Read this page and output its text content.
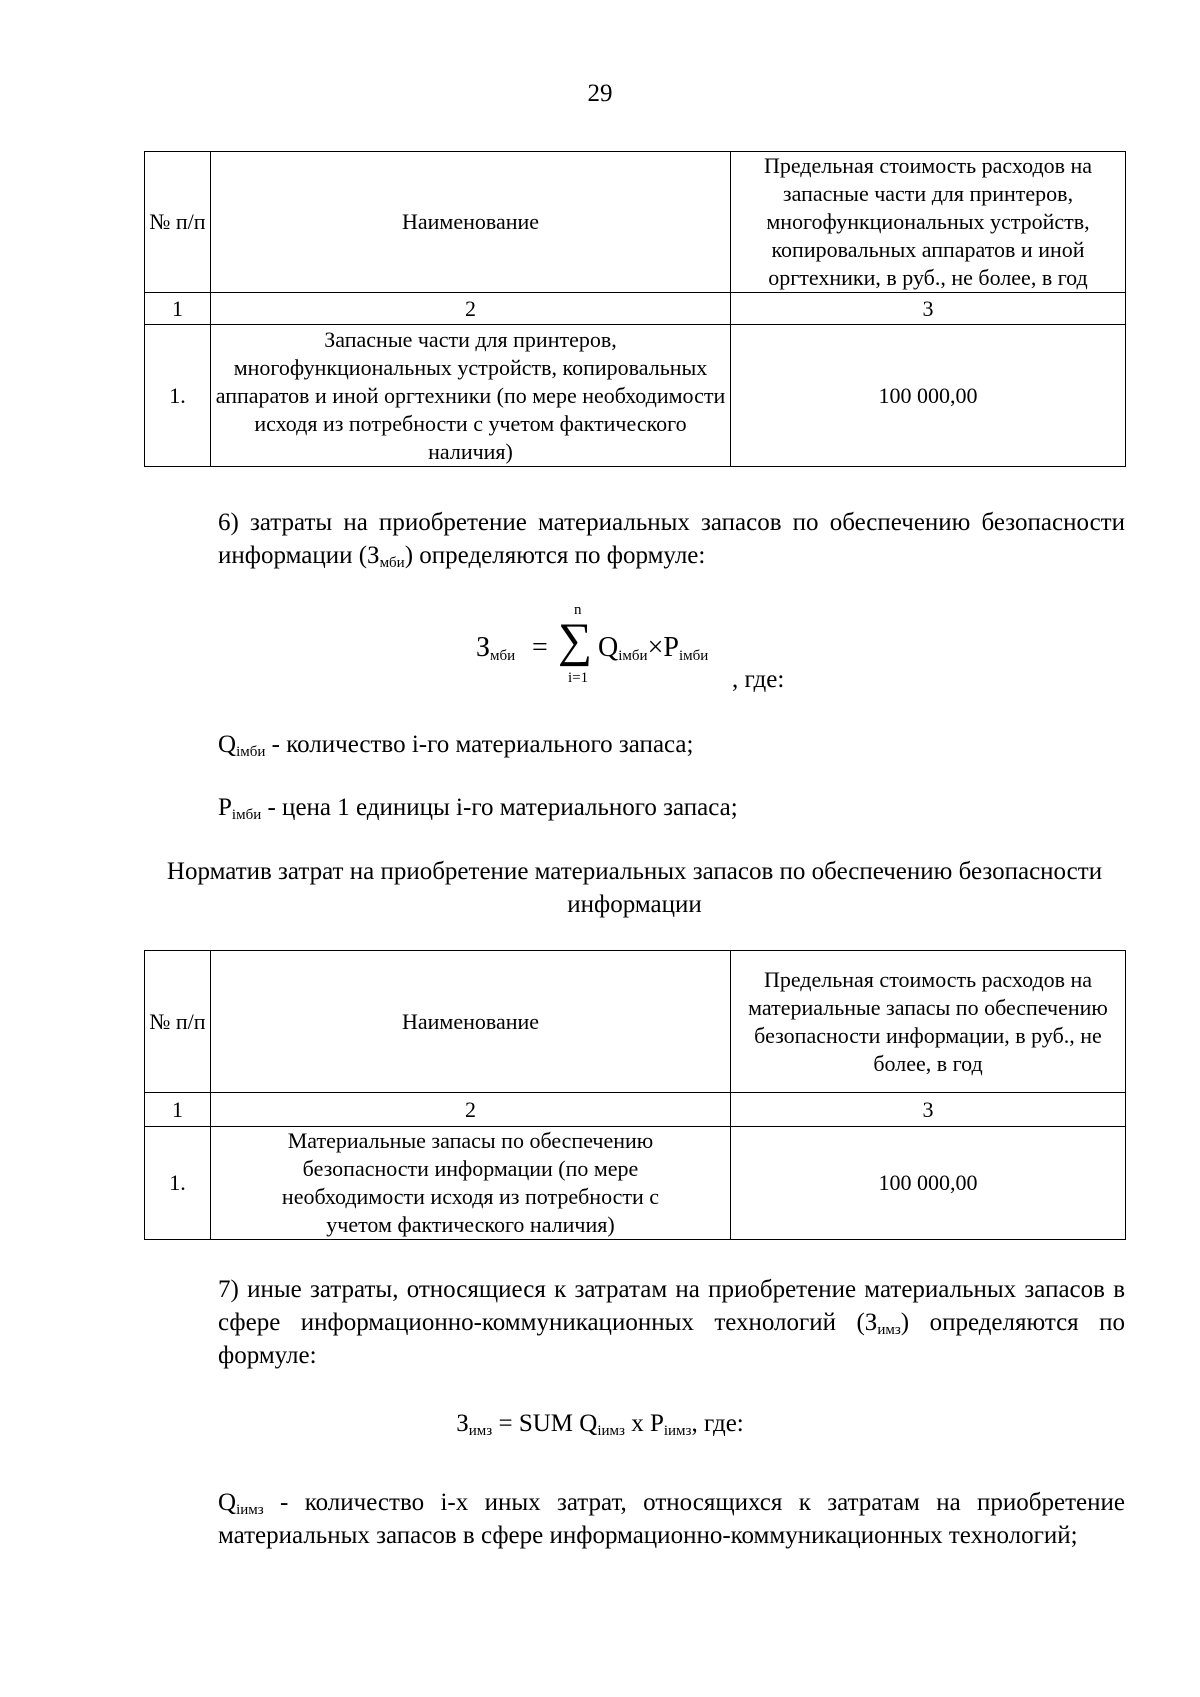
29
№ п/п	Наименование	Предельная стоимость расходов на запасные части для принтеров, многофункциональных устройств, копировальных аппаратов и иной оргтехники, в руб., не более, в год
1	2	3
1.	Запасные части для принтеров, многофункциональных устройств, копировальных аппаратов и иной оргтехники (по мере необходимости исходя из потребности с учетом фактического наличия)	100 000,00
6) затраты на приобретение материальных запасов по обеспечению безопасности информации $(З_{мби})$ определяются по формуле:
$З_{мби}$ = ∑
n
i=1
$Q_{iмби}\times P_{iмби}$
, где:
$Q_{iмби}$ - количество i-го материального запаса;
$P_{iмби}$ - цена 1 единицы i-го материального запаса;
Норматив затрат на приобретение материальных запасов по обеспечению безопасности информации
№ п/п	Наименование	Предельная стоимость расходов на материальные запасы по обеспечению безопасности информации, в руб., не более, в год
1	2	3
1.	Материальные запасы по обеспечению безопасности информации (по мере необходимости исходя из потребности с учетом фактического наличия)	100 000,00
7) иные затраты, относящиеся к затратам на приобретение материальных запасов в сфере информационно-коммуникационных технологий $(З_{имз})$ определяются по формуле:
$З_{имз}$ = SUM $Q_{iимз}$ x $P_{iимз}$, где:
$Q_{iимз}$ - количество i-х иных затрат, относящихся к затратам на приобретение материальных запасов в сфере информационно-коммуникационных технологий;
